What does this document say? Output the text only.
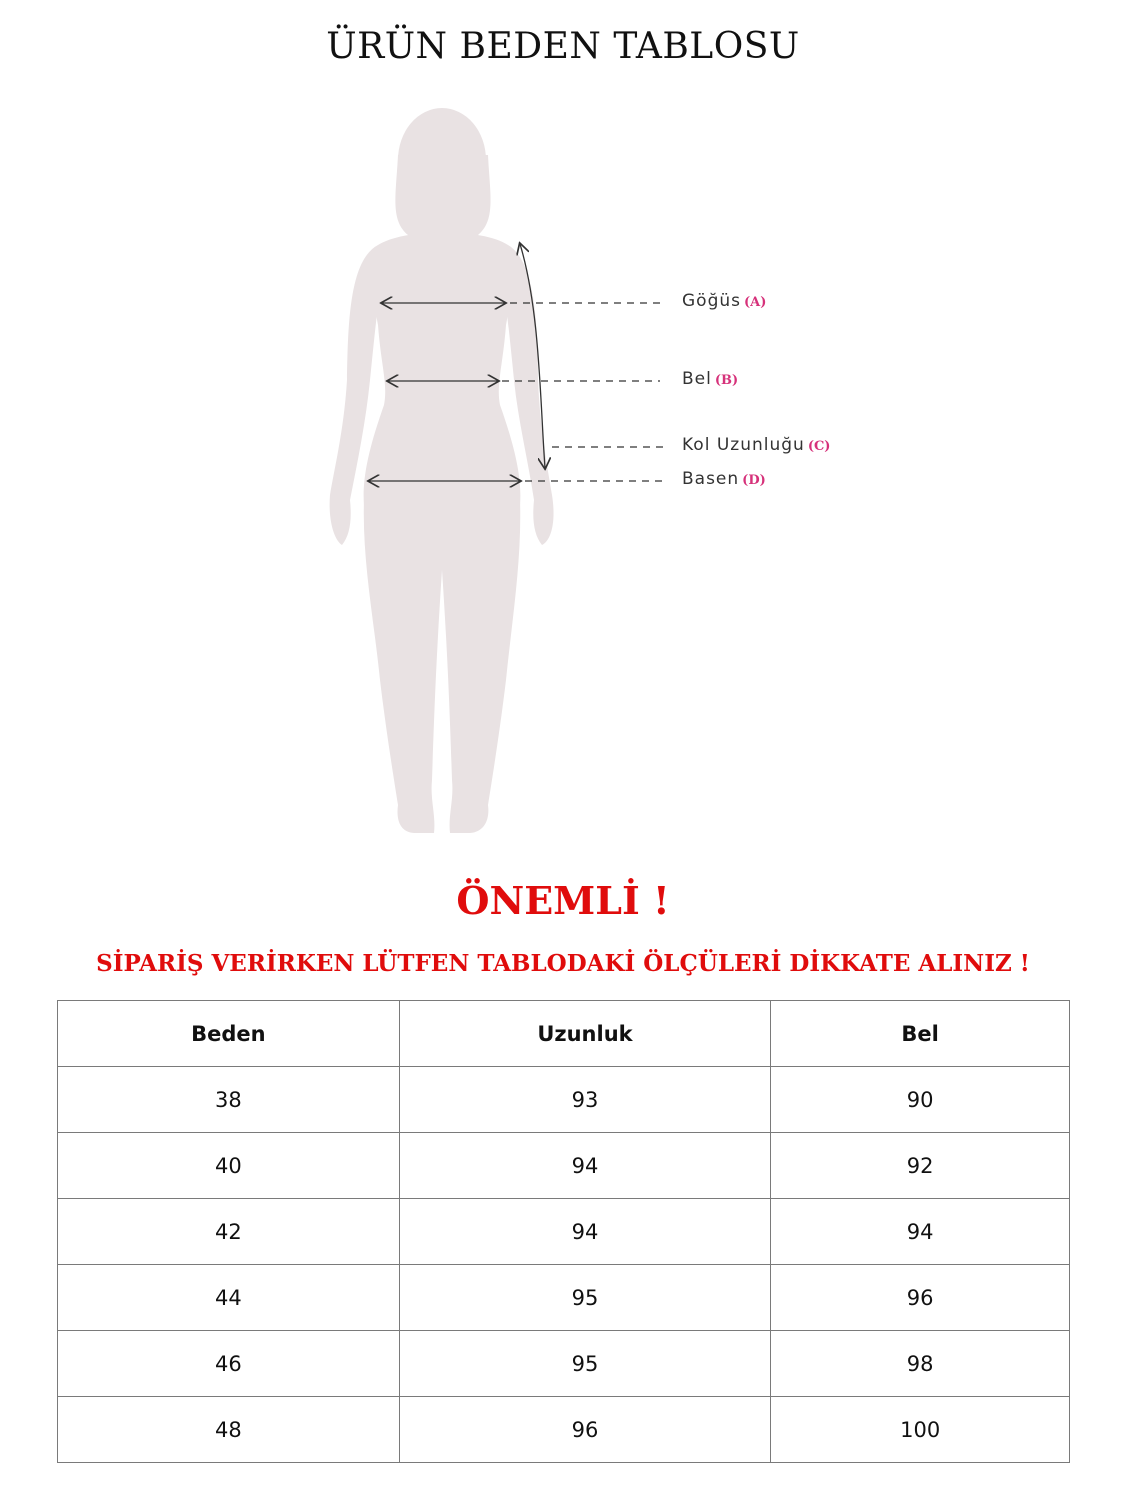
ÜRÜN BEDEN TABLOSU
Göğüs (A)
Bel (B)
Kol Uzunluğu (C)
Basen (D)
ÖNEMLİ !
SİPARİŞ VERİRKEN LÜTFEN TABLODAKİ ÖLÇÜLERİ DİKKATE ALINIZ !
Beden	Uzunluk	Bel
38	93	90
40	94	92
42	94	94
44	95	96
46	95	98
48	96	100
